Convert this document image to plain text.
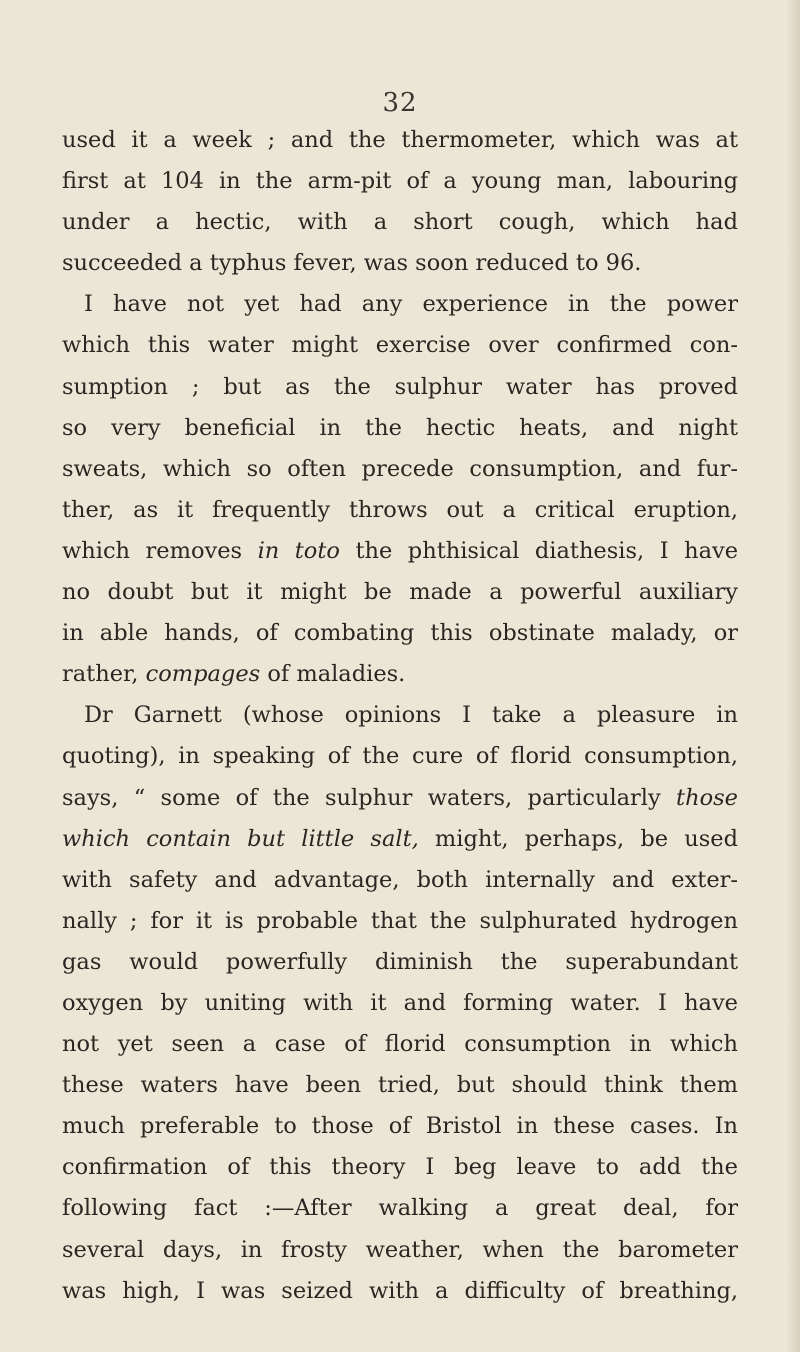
32
used it a week ; and the thermometer, which was at
first at 104 in the arm-pit of a young man, labouring
under a hectic, with a short cough, which had
succeeded a typhus fever, was soon reduced to 96.
I have not yet had any experience in the power
which this water might exercise over confirmed con-
sumption ; but as the sulphur water has proved
so very beneficial in the hectic heats, and night
sweats, which so often precede consumption, and fur-
ther, as it frequently throws out a critical eruption,
which removes in toto the phthisical diathesis, I have
no doubt but it might be made a powerful auxiliary
in able hands, of combating this obstinate malady, or
rather, compages of maladies.
Dr Garnett (whose opinions I take a pleasure in
quoting), in speaking of the cure of florid consumption,
says, “ some of the sulphur waters, particularly those
which contain but little salt, might, perhaps, be used
with safety and advantage, both internally and exter-
nally ; for it is probable that the sulphurated hydrogen
gas would powerfully diminish the superabundant
oxygen by uniting with it and forming water. I have
not yet seen a case of florid consumption in which
these waters have been tried, but should think them
much preferable to those of Bristol in these cases. In
confirmation of this theory I beg leave to add the
following fact :—After walking a great deal, for
several days, in frosty weather, when the barometer
was high, I was seized with a difficulty of breathing,
